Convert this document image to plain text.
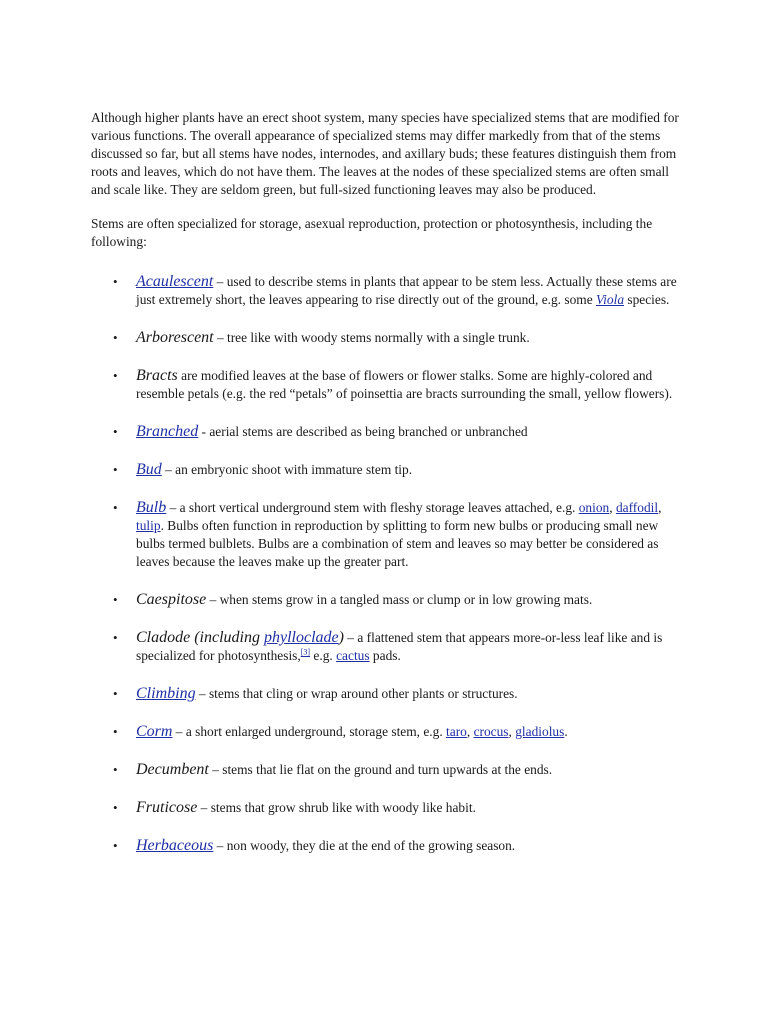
Although higher plants have an erect shoot system, many species have specialized stems that are modified for various functions. The overall appearance of specialized stems may differ markedly from that of the stems discussed so far, but all stems have nodes, internodes, and axillary buds; these features distinguish them from roots and leaves, which do not have them. The leaves at the nodes of these specialized stems are often small and scale like. They are seldom green, but full-sized functioning leaves may also be produced.

Stems are often specialized for storage, asexual reproduction, protection or photosynthesis, including the following:

• Acaulescent – used to describe stems in plants that appear to be stem less. Actually these stems are just extremely short, the leaves appearing to rise directly out of the ground, e.g. some Viola species.
• Arborescent – tree like with woody stems normally with a single trunk.
• Bracts are modified leaves at the base of flowers or flower stalks. Some are highly-colored and resemble petals (e.g. the red “petals” of poinsettia are bracts surrounding the small, yellow flowers).
• Branched - aerial stems are described as being branched or unbranched
• Bud – an embryonic shoot with immature stem tip.
• Bulb – a short vertical underground stem with fleshy storage leaves attached, e.g. onion, daffodil, tulip. Bulbs often function in reproduction by splitting to form new bulbs or producing small new bulbs termed bulblets. Bulbs are a combination of stem and leaves so may better be considered as leaves because the leaves make up the greater part.
• Caespitose – when stems grow in a tangled mass or clump or in low growing mats.
• Cladode (including phylloclade) – a flattened stem that appears more-or-less leaf like and is specialized for photosynthesis,[3] e.g. cactus pads.
• Climbing – stems that cling or wrap around other plants or structures.
• Corm – a short enlarged underground, storage stem, e.g. taro, crocus, gladiolus.
• Decumbent – stems that lie flat on the ground and turn upwards at the ends.
• Fruticose – stems that grow shrub like with woody like habit.
• Herbaceous – non woody, they die at the end of the growing season.
